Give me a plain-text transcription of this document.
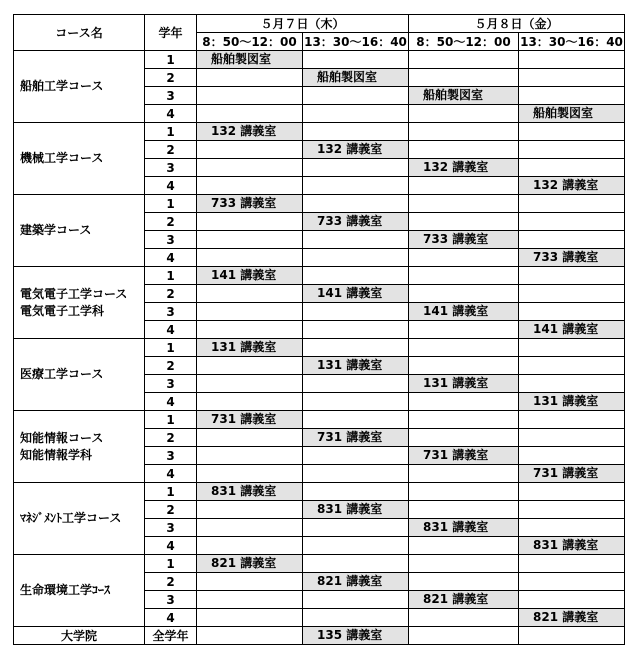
コース名	学年	５月７日（木）		５月８日（金）	
		8：50～12：00	13：30～16：40	8：50～12：00	13：30～16：40

船舶工学コース	1	船舶製図室			

	2		船舶製図室		

	3			船舶製図室	

	4				船舶製図室

機械工学コース	1	132 講義室			

	2		132 講義室		

	3			132 講義室	

	4				132 講義室

建築学コース	1	733 講義室			

	2		733 講義室		

	3			733 講義室	

	4				733 講義室

電気電子工学コース
電気電子工学科	1	141 講義室			

	2		141 講義室		

	3			141 講義室	

	4				141 講義室

医療工学コース	1	131 講義室			

	2		131 講義室		

	3			131 講義室	

	4				131 講義室

知能情報コース
知能情報学科	1	731 講義室			

	2		731 講義室		

	3			731 講義室	

	4				731 講義室

ﾏﾈｼﾞﾒﾝﾄ工学コース	1	831 講義室			

	2		831 講義室		

	3			831 講義室	

	4				831 講義室

生命環境工学ｺｰｽ	1	821 講義室			

	2		821 講義室		

	3			821 講義室	

	4				821 講義室

大学院	全学年		135 講義室		
